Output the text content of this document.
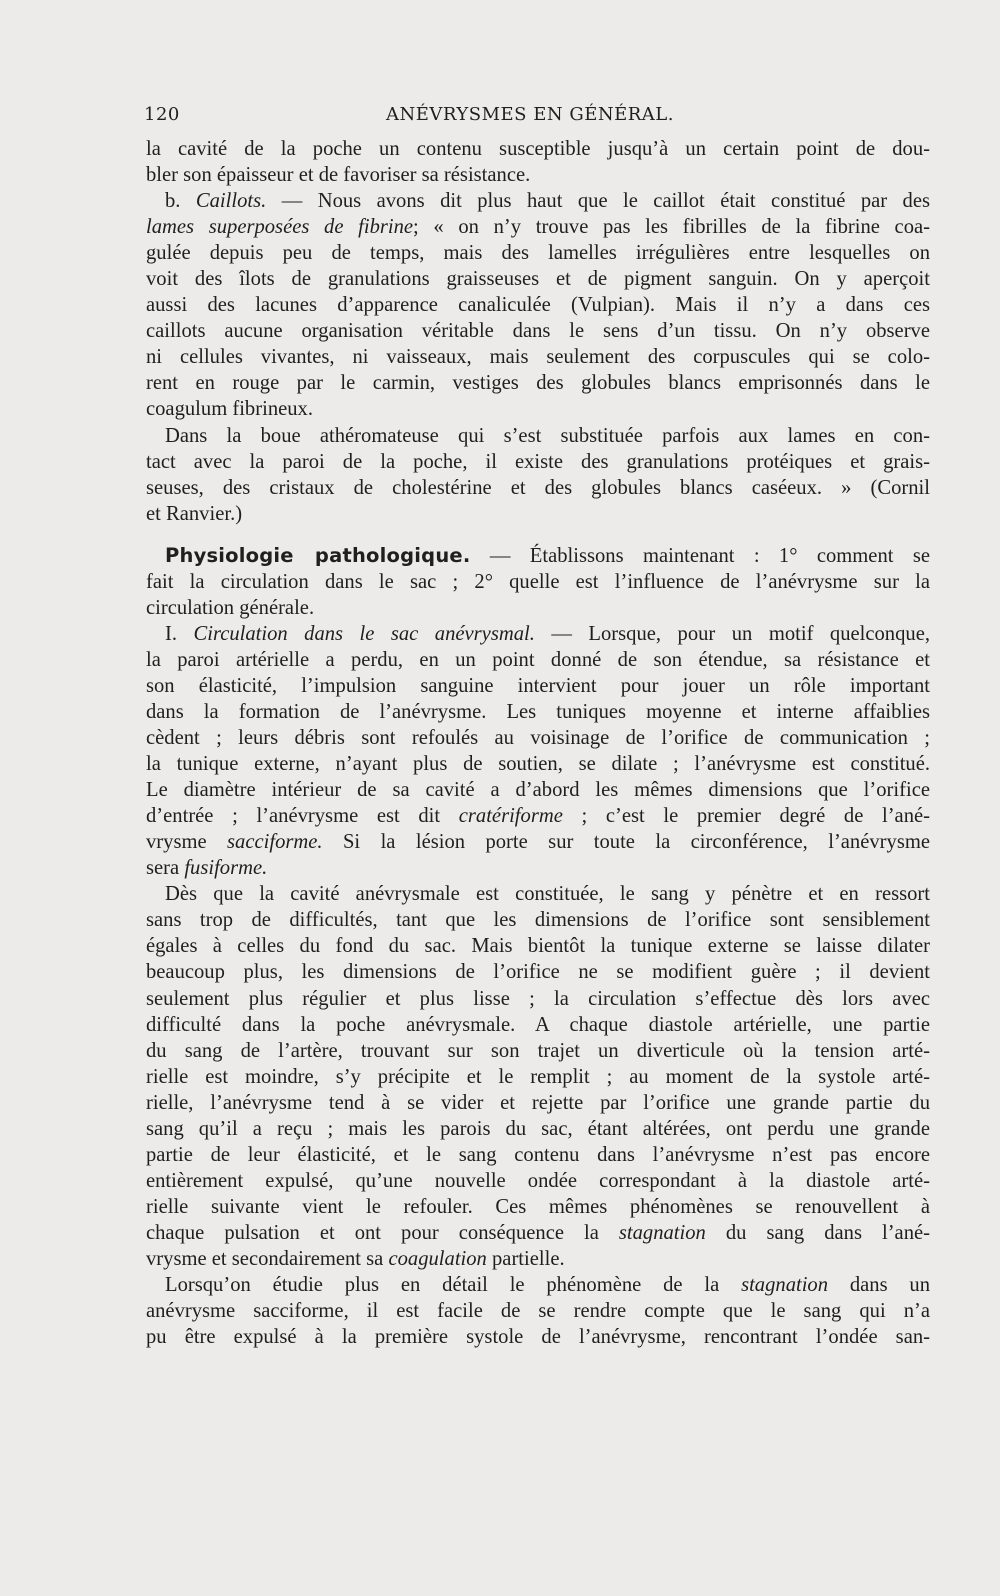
120	ANÉVRYSMES EN GÉNÉRAL.
la cavité de la poche un contenu susceptible jusqu’à un certain point de dou-
bler son épaisseur et de favoriser sa résistance.
b. Caillots. — Nous avons dit plus haut que le caillot était constitué par des
lames superposées de fibrine; « on n’y trouve pas les fibrilles de la fibrine coa-
gulée depuis peu de temps, mais des lamelles irrégulières entre lesquelles on
voit des îlots de granulations graisseuses et de pigment sanguin. On y aperçoit
aussi des lacunes d’apparence canaliculée (Vulpian). Mais il n’y a dans ces
caillots aucune organisation véritable dans le sens d’un tissu. On n’y observe
ni cellules vivantes, ni vaisseaux, mais seulement des corpuscules qui se colo-
rent en rouge par le carmin, vestiges des globules blancs emprisonnés dans le
coagulum fibrineux.
Dans la boue athéromateuse qui s’est substituée parfois aux lames en con-
tact avec la paroi de la poche, il existe des granulations protéiques et grais-
seuses, des cristaux de cholestérine et des globules blancs caséeux. » (Cornil
et Ranvier.)
Physiologie pathologique. — Établissons maintenant : 1° comment se
fait la circulation dans le sac ; 2° quelle est l’influence de l’anévrysme sur la
circulation générale.
I. Circulation dans le sac anévrysmal. — Lorsque, pour un motif quelconque,
la paroi artérielle a perdu, en un point donné de son étendue, sa résistance et
son élasticité, l’impulsion sanguine intervient pour jouer un rôle important
dans la formation de l’anévrysme. Les tuniques moyenne et interne affaiblies
cèdent ; leurs débris sont refoulés au voisinage de l’orifice de communication ;
la tunique externe, n’ayant plus de soutien, se dilate ; l’anévrysme est constitué.
Le diamètre intérieur de sa cavité a d’abord les mêmes dimensions que l’orifice
d’entrée ; l’anévrysme est dit cratériforme ; c’est le premier degré de l’ané-
vrysme sacciforme. Si la lésion porte sur toute la circonférence, l’anévrysme
sera fusiforme.
Dès que la cavité anévrysmale est constituée, le sang y pénètre et en ressort
sans trop de difficultés, tant que les dimensions de l’orifice sont sensiblement
égales à celles du fond du sac. Mais bientôt la tunique externe se laisse dilater
beaucoup plus, les dimensions de l’orifice ne se modifient guère ; il devient
seulement plus régulier et plus lisse ; la circulation s’effectue dès lors avec
difficulté dans la poche anévrysmale. A chaque diastole artérielle, une partie
du sang de l’artère, trouvant sur son trajet un diverticule où la tension arté-
rielle est moindre, s’y précipite et le remplit ; au moment de la systole arté-
rielle, l’anévrysme tend à se vider et rejette par l’orifice une grande partie du
sang qu’il a reçu ; mais les parois du sac, étant altérées, ont perdu une grande
partie de leur élasticité, et le sang contenu dans l’anévrysme n’est pas encore
entièrement expulsé, qu’une nouvelle ondée correspondant à la diastole arté-
rielle suivante vient le refouler. Ces mêmes phénomènes se renouvellent à
chaque pulsation et ont pour conséquence la stagnation du sang dans l’ané-
vrysme et secondairement sa coagulation partielle.
Lorsqu’on étudie plus en détail le phénomène de la stagnation dans un
anévrysme sacciforme, il est facile de se rendre compte que le sang qui n’a
pu être expulsé à la première systole de l’anévrysme, rencontrant l’ondée san-
